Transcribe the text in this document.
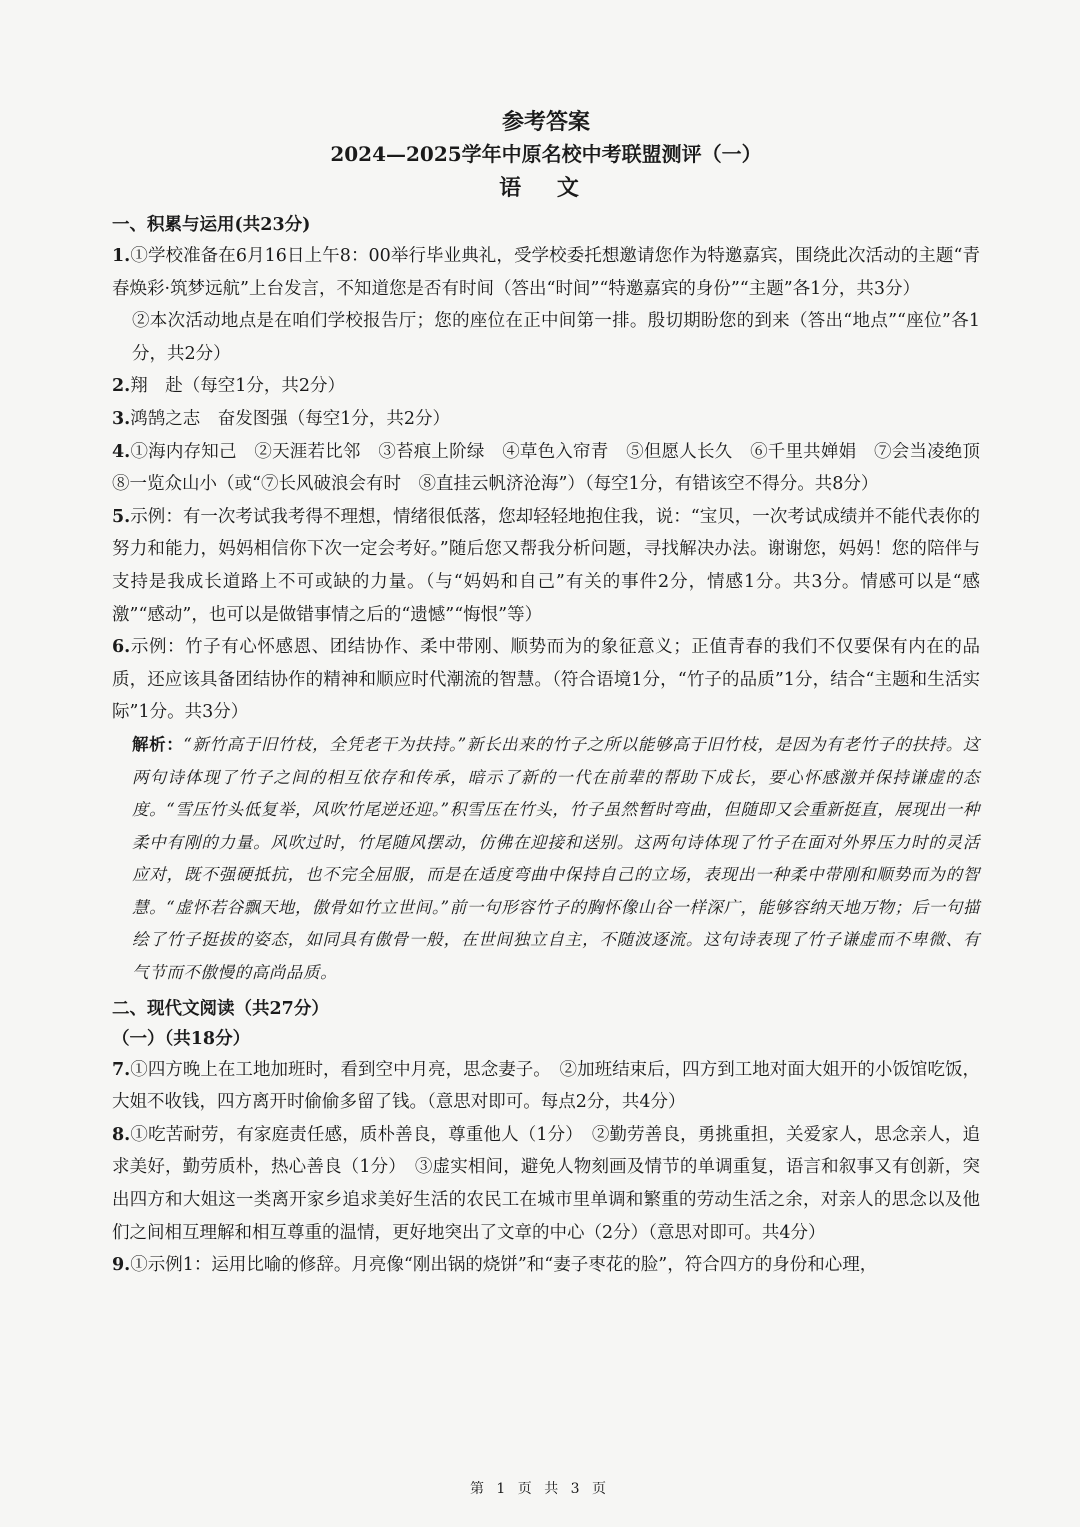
参考答案
2024—2025学年中原名校中考联盟测评（一）
语 文
一、积累与运用(共23分)
1.①学校准备在6月16日上午8：00举行毕业典礼，受学校委托想邀请您作为特邀嘉宾，围绕此次活动的主题“青春焕彩·筑梦远航”上台发言，不知道您是否有时间（答出“时间”“特邀嘉宾的身份”“主题”各1分，共3分）
②本次活动地点是在咱们学校报告厅；您的座位在正中间第一排。殷切期盼您的到来（答出“地点”“座位”各1分，共2分）
2.翔　赴（每空1分，共2分）
3.鸿鹄之志　奋发图强（每空1分，共2分）
4.①海内存知己　②天涯若比邻　③苔痕上阶绿　④草色入帘青　⑤但愿人长久　⑥千里共婵娟　⑦会当凌绝顶　⑧一览众山小（或“⑦长风破浪会有时　⑧直挂云帆济沧海”）（每空1分，有错该空不得分。共8分）
5.示例：有一次考试我考得不理想，情绪很低落，您却轻轻地抱住我，说：“宝贝，一次考试成绩并不能代表你的努力和能力，妈妈相信你下次一定会考好。”随后您又帮我分析问题，寻找解决办法。谢谢您，妈妈！您的陪伴与支持是我成长道路上不可或缺的力量。（与“妈妈和自己”有关的事件2分，情感1分。共3分。情感可以是“感激”“感动”，也可以是做错事情之后的“遗憾”“悔恨”等）
6.示例：竹子有心怀感恩、团结协作、柔中带刚、顺势而为的象征意义；正值青春的我们不仅要保有内在的品质，还应该具备团结协作的精神和顺应时代潮流的智慧。（符合语境1分，“竹子的品质”1分，结合“主题和生活实际”1分。共3分）
解析：“新竹高于旧竹枝，全凭老干为扶持。”新长出来的竹子之所以能够高于旧竹枝，是因为有老竹子的扶持。这两句诗体现了竹子之间的相互依存和传承，暗示了新的一代在前辈的帮助下成长，要心怀感激并保持谦虚的态度。“雪压竹头低复举，风吹竹尾逆还迎。”积雪压在竹头，竹子虽然暂时弯曲，但随即又会重新挺直，展现出一种柔中有刚的力量。风吹过时，竹尾随风摆动，仿佛在迎接和送别。这两句诗体现了竹子在面对外界压力时的灵活应对，既不强硬抵抗，也不完全屈服，而是在适度弯曲中保持自己的立场，表现出一种柔中带刚和顺势而为的智慧。“虚怀若谷飘天地，傲骨如竹立世间。”前一句形容竹子的胸怀像山谷一样深广，能够容纳天地万物；后一句描绘了竹子挺拔的姿态，如同具有傲骨一般，在世间独立自主，不随波逐流。这句诗表现了竹子谦虚而不卑微、有气节而不傲慢的高尚品质。
二、现代文阅读（共27分）
（一）（共18分）
7.①四方晚上在工地加班时，看到空中月亮，思念妻子。　②加班结束后，四方到工地对面大姐开的小饭馆吃饭，大姐不收钱，四方离开时偷偷多留了钱。（意思对即可。每点2分，共4分）
8.①吃苦耐劳，有家庭责任感，质朴善良，尊重他人（1分）　②勤劳善良，勇挑重担，关爱家人，思念亲人，追求美好，勤劳质朴，热心善良（1分）　③虚实相间，避免人物刻画及情节的单调重复，语言和叙事又有创新，突出四方和大姐这一类离开家乡追求美好生活的农民工在城市里单调和繁重的劳动生活之余，对亲人的思念以及他们之间相互理解和相互尊重的温情，更好地突出了文章的中心（2分）（意思对即可。共4分）
9.①示例1：运用比喻的修辞。月亮像“刚出锅的烧饼”和“妻子枣花的脸”，符合四方的身份和心理，
第 1 页 共 3 页
